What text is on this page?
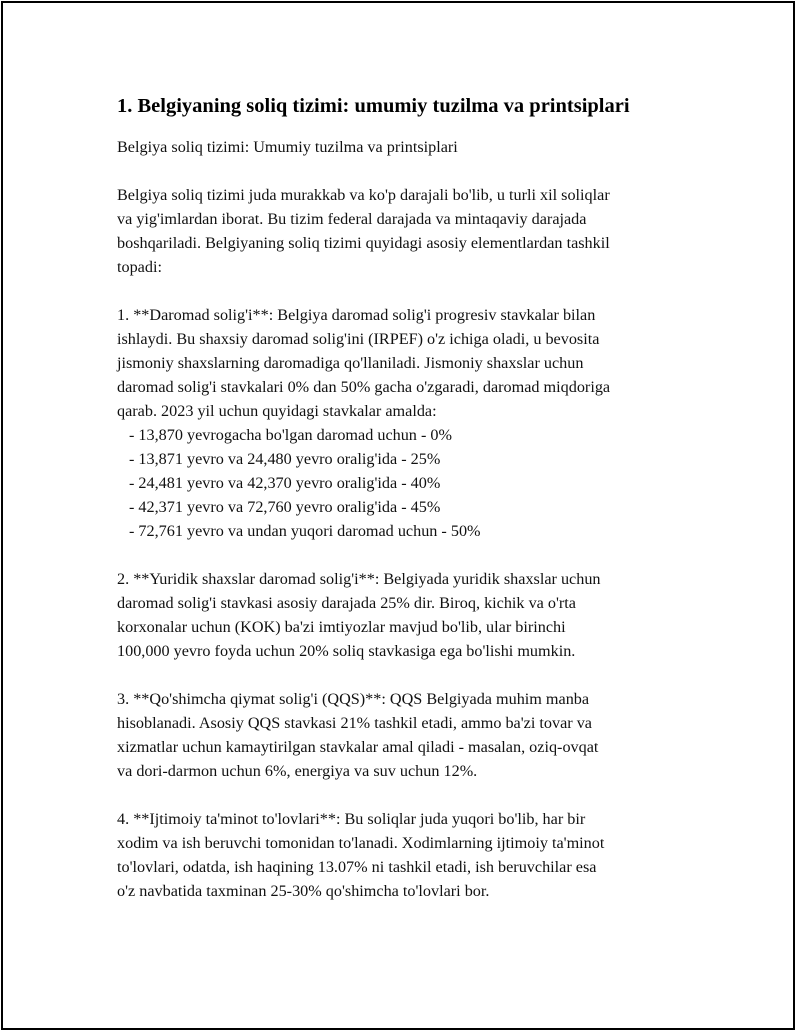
1. Belgiyaning soliq tizimi: umumiy tuzilma va printsiplari

Belgiya soliq tizimi: Umumiy tuzilma va printsiplari

Belgiya soliq tizimi juda murakkab va ko'p darajali bo'lib, u turli xil soliqlar
va yig'imlardan iborat. Bu tizim federal darajada va mintaqaviy darajada
boshqariladi. Belgiyaning soliq tizimi quyidagi asosiy elementlardan tashkil
topadi:

1. **Daromad solig'i**: Belgiya daromad solig'i progresiv stavkalar bilan
ishlaydi. Bu shaxsiy daromad solig'ini (IRPEF) o'z ichiga oladi, u bevosita
jismoniy shaxslarning daromadiga qo'llaniladi. Jismoniy shaxslar uchun
daromad solig'i stavkalari 0% dan 50% gacha o'zgaradi, daromad miqdoriga
qarab. 2023 yil uchun quyidagi stavkalar amalda:
- 13,870 yevrogacha bo'lgan daromad uchun - 0%
- 13,871 yevro va 24,480 yevro oralig'ida - 25%
- 24,481 yevro va 42,370 yevro oralig'ida - 40%
- 42,371 yevro va 72,760 yevro oralig'ida - 45%
- 72,761 yevro va undan yuqori daromad uchun - 50%

2. **Yuridik shaxslar daromad solig'i**: Belgiyada yuridik shaxslar uchun
daromad solig'i stavkasi asosiy darajada 25% dir. Biroq, kichik va o'rta
korxonalar uchun (KOK) ba'zi imtiyozlar mavjud bo'lib, ular birinchi
100,000 yevro foyda uchun 20% soliq stavkasiga ega bo'lishi mumkin.

3. **Qo'shimcha qiymat solig'i (QQS)**: QQS Belgiyada muhim manba
hisoblanadi. Asosiy QQS stavkasi 21% tashkil etadi, ammo ba'zi tovar va
xizmatlar uchun kamaytirilgan stavkalar amal qiladi - masalan, oziq-ovqat
va dori-darmon uchun 6%, energiya va suv uchun 12%.

4. **Ijtimoiy ta'minot to'lovlari**: Bu soliqlar juda yuqori bo'lib, har bir
xodim va ish beruvchi tomonidan to'lanadi. Xodimlarning ijtimoiy ta'minot
to'lovlari, odatda, ish haqining 13.07% ni tashkil etadi, ish beruvchilar esa
o'z navbatida taxminan 25-30% qo'shimcha to'lovlari bor.
